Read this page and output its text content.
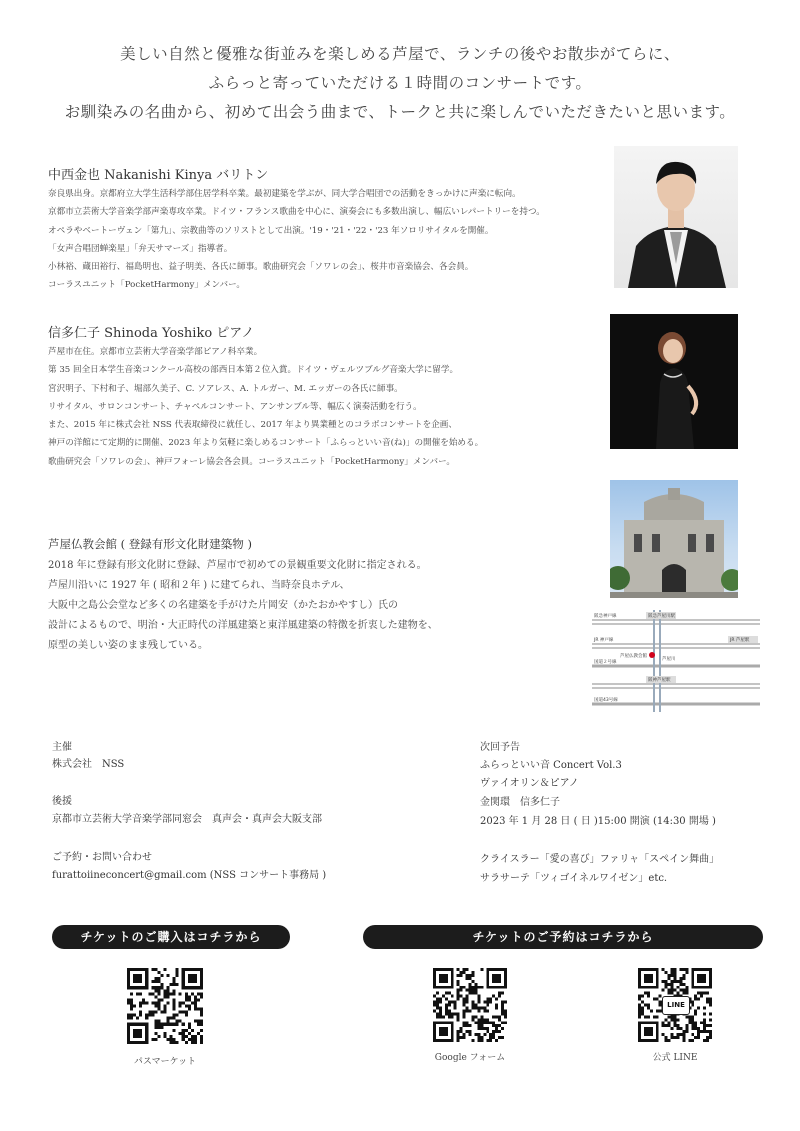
美しい自然と優雅な街並みを楽しめる芦屋で、ランチの後やお散歩がてらに、
ふらっと寄っていただける１時間のコンサートです。
お馴染みの名曲から、初めて出会う曲まで、トークと共に楽しんでいただきたいと思います。
中西金也 Nakanishi Kinya バリトン
奈良県出身。京都府立大学生活科学部住居学科卒業。最初建築を学ぶが、同大学合唱団での活動をきっかけに声楽に転向。
京都市立芸術大学音楽学部声楽専攻卒業。ドイツ・フランス歌曲を中心に、演奏会にも多数出演し、幅広いレパートリーを持つ。
オペラやベートーヴェン「第九」、宗教曲等のソリストとして出演。'19・'21・'22・'23 年ソロリサイタルを開催。
「女声合唱団蝉楽星」「弁天サマーズ」指導者。
小林裕、蔵田裕行、福島明也、益子明美、各氏に師事。歌曲研究会「ソワレの会」、桜井市音楽協会、各会員。
コーラスユニット「PocketHarmony」メンバー。
信多仁子 Shinoda Yoshiko ピアノ
芦屋市在住。京都市立芸術大学音楽学部ピアノ科卒業。
第 35 回全日本学生音楽コンクール高校の部西日本第２位入賞。ドイツ・ヴェルツブルグ音楽大学に留学。
宮沢明子、下村和子、堀部久美子、C. ソアレス、A. トルガー、M. エッガーの各氏に師事。
リサイタル、サロンコンサート、チャペルコンサート、アンサンブル等、幅広く演奏活動を行う。
また、2015 年に株式会社 NSS 代表取締役に就任し、2017 年より異業種とのコラボコンサートを企画、
神戸の洋館にて定期的に開催、2023 年より気軽に楽しめるコンサート「ふらっといい音(ね)」の開催を始める。
歌曲研究会「ソワレの会」、神戸フォーレ協会各会員。コーラスユニット「PocketHarmony」メンバー。
芦屋仏教会館 ( 登録有形文化財建築物 )
2018 年に登録有形文化財に登録、芦屋市で初めての景観重要文化財に指定される。
芦屋川沿いに 1927 年 ( 昭和２年 ) に建てられ、当時奈良ホテル、
大阪中之島公会堂など多くの名建築を手がけた片岡安（かたおかやすし）氏の
設計によるもので、明治・大正時代の洋風建築と東洋風建築の特徴を折衷した建物を、
原型の美しい姿のまま残している。
阪急神戸線	阪急芦屋川駅
JR 芦屋駅
JR 神戸線
芦屋仏教会館
国道２号線
阪神芦屋駅
国道43号線
芦屋川
主催
株式会社　NSS
後援
京都市立芸術大学音楽学部同窓会　真声会・真声会大阪支部
ご予約・お問い合わせ
furattoiineconcert@gmail.com (NSS コンサート事務局 )
次回予告
ふらっといい音 Concert Vol.3
ヴァイオリン＆ピアノ
金関環　信多仁子
2023 年 1 月 28 日 ( 日 )15:00 開演 (14:30 開場 )
クライスラー「愛の喜び」ファリャ「スペイン舞曲」
サラサーテ「ツィゴイネルワイゼン」etc.
チケットのご購入はコチラから	チケットのご予約はコチラから
パスマーケット	Google フォーム
LINE
公式 LINE
